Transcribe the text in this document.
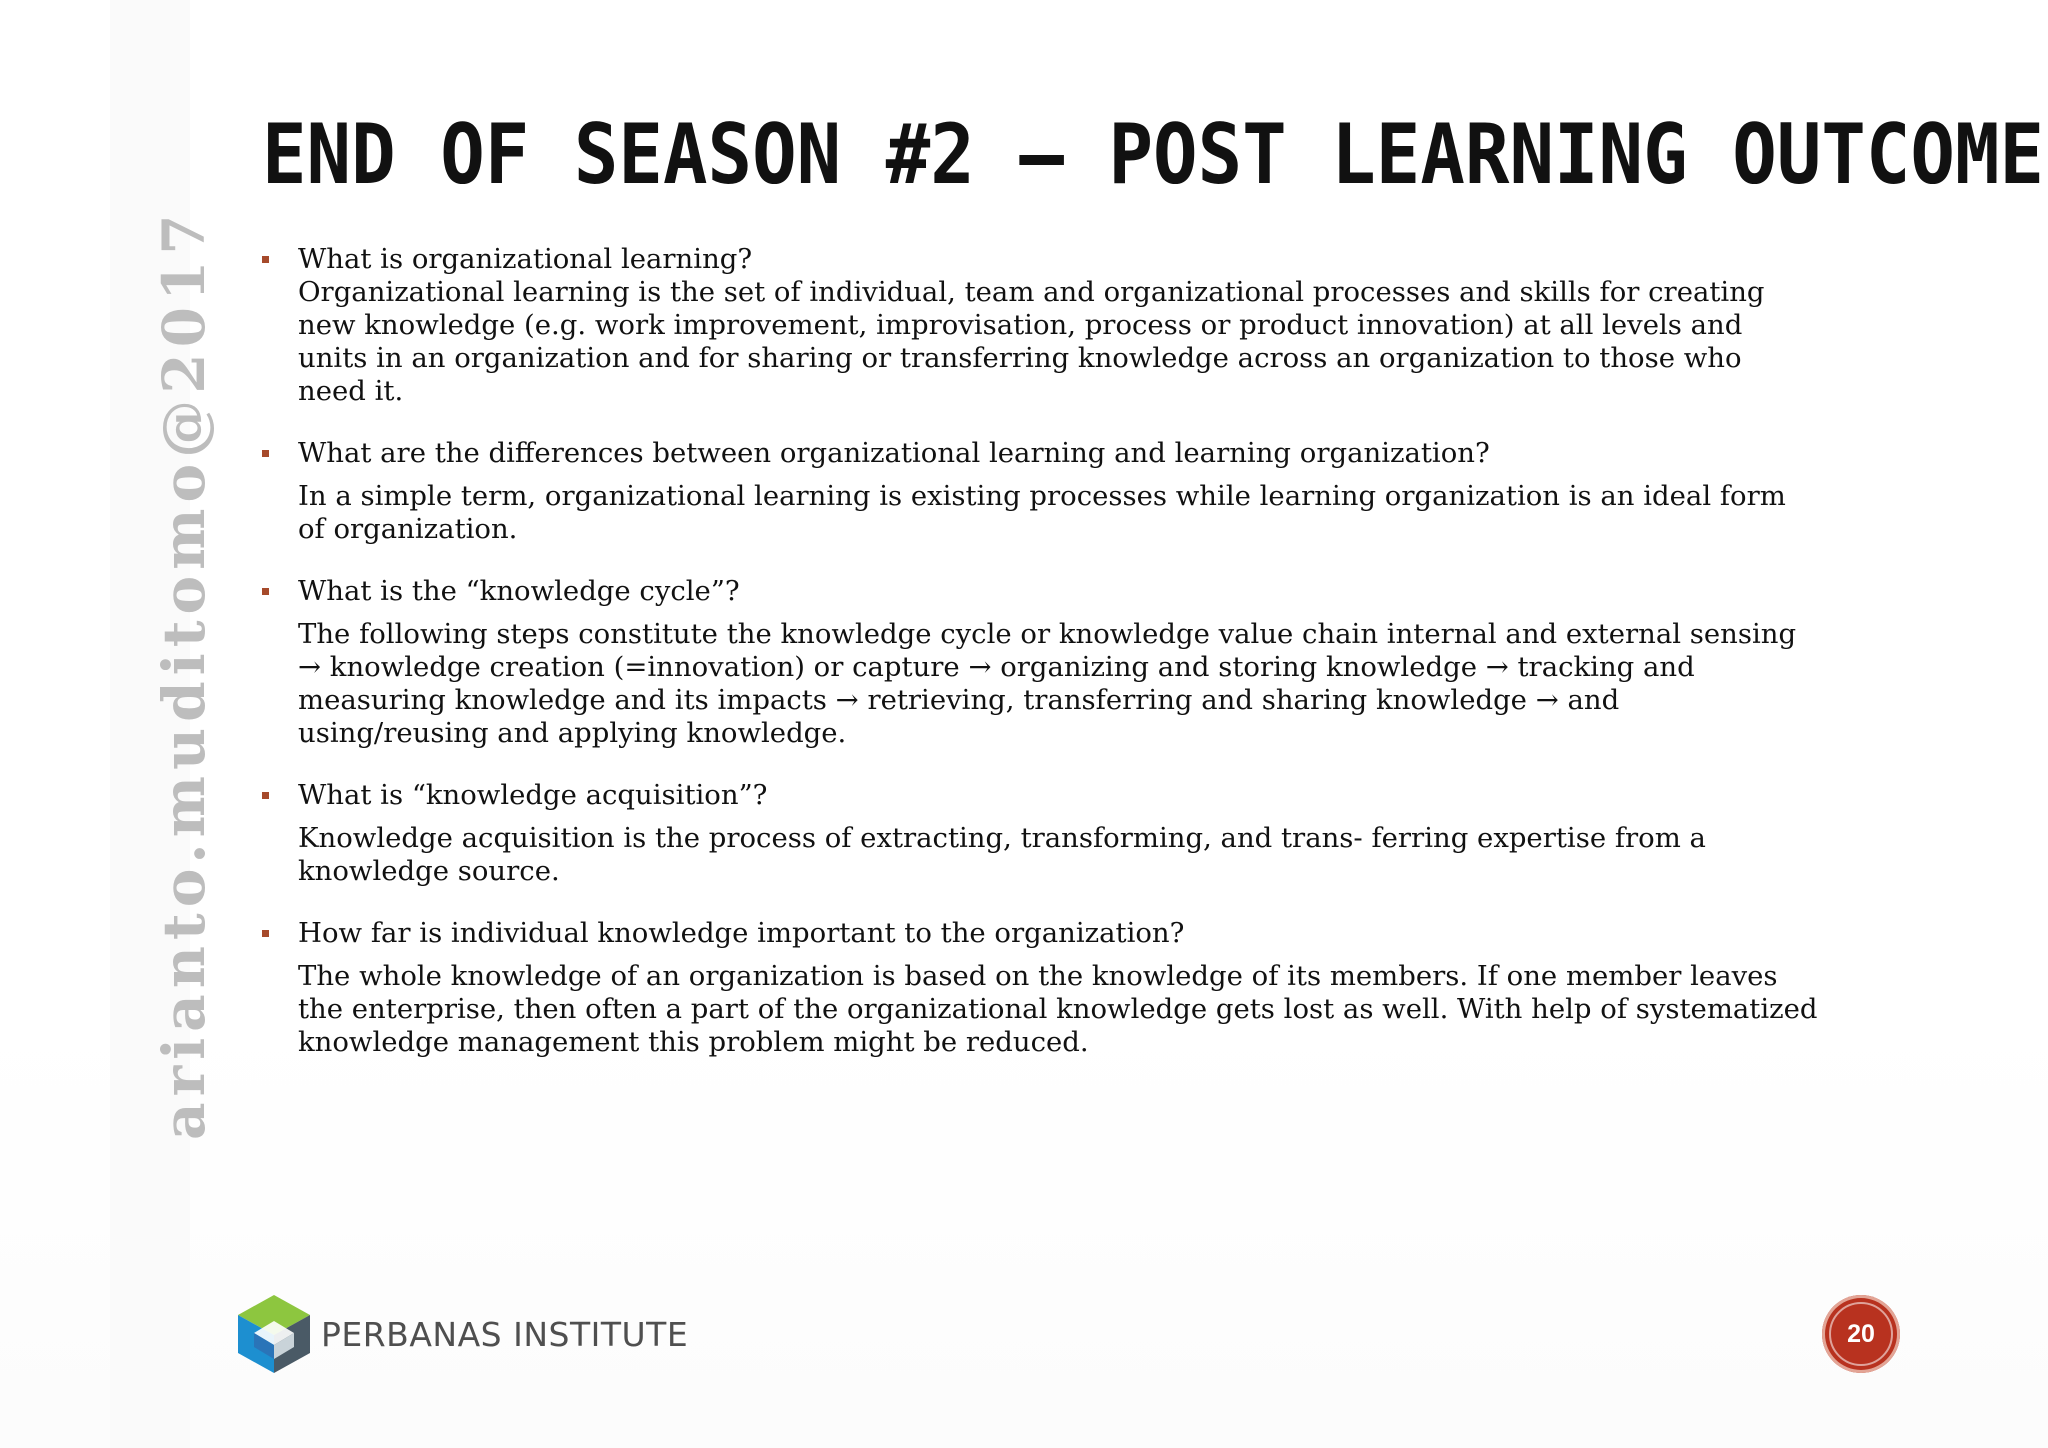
arianto.muditomo@2017
END OF SEASON #2 – POST LEARNING OUTCOME

What is organizational learning?

Organizational learning is the set of individual, team and organizational processes and skills for creating new knowledge (e.g. work improvement, improvisation, process or product innovation) at all levels and units in an organization and for sharing or transferring knowledge across an organization to those who need it.

What are the differences between organizational learning and learning organization?

In a simple term, organizational learning is existing processes while learning organization is an ideal form of organization.

What is the “knowledge cycle”?

The following steps constitute the knowledge cycle or knowledge value chain internal and external sensing → knowledge creation (=innovation) or capture → organizing and storing knowledge → tracking and measuring knowledge and its impacts → retrieving, transferring and sharing knowledge → and using/reusing and applying knowledge.

What is “knowledge acquisition”?

Knowledge acquisition is the process of extracting, transforming, and trans- ferring expertise from a knowledge source.

How far is individual knowledge important to the organization?

The whole knowledge of an organization is based on the knowledge of its members. If one member leaves the enterprise, then often a part of the organizational knowledge gets lost as well. With help of systematized knowledge management this problem might be reduced.

PERBANAS INSTITUTE	20
